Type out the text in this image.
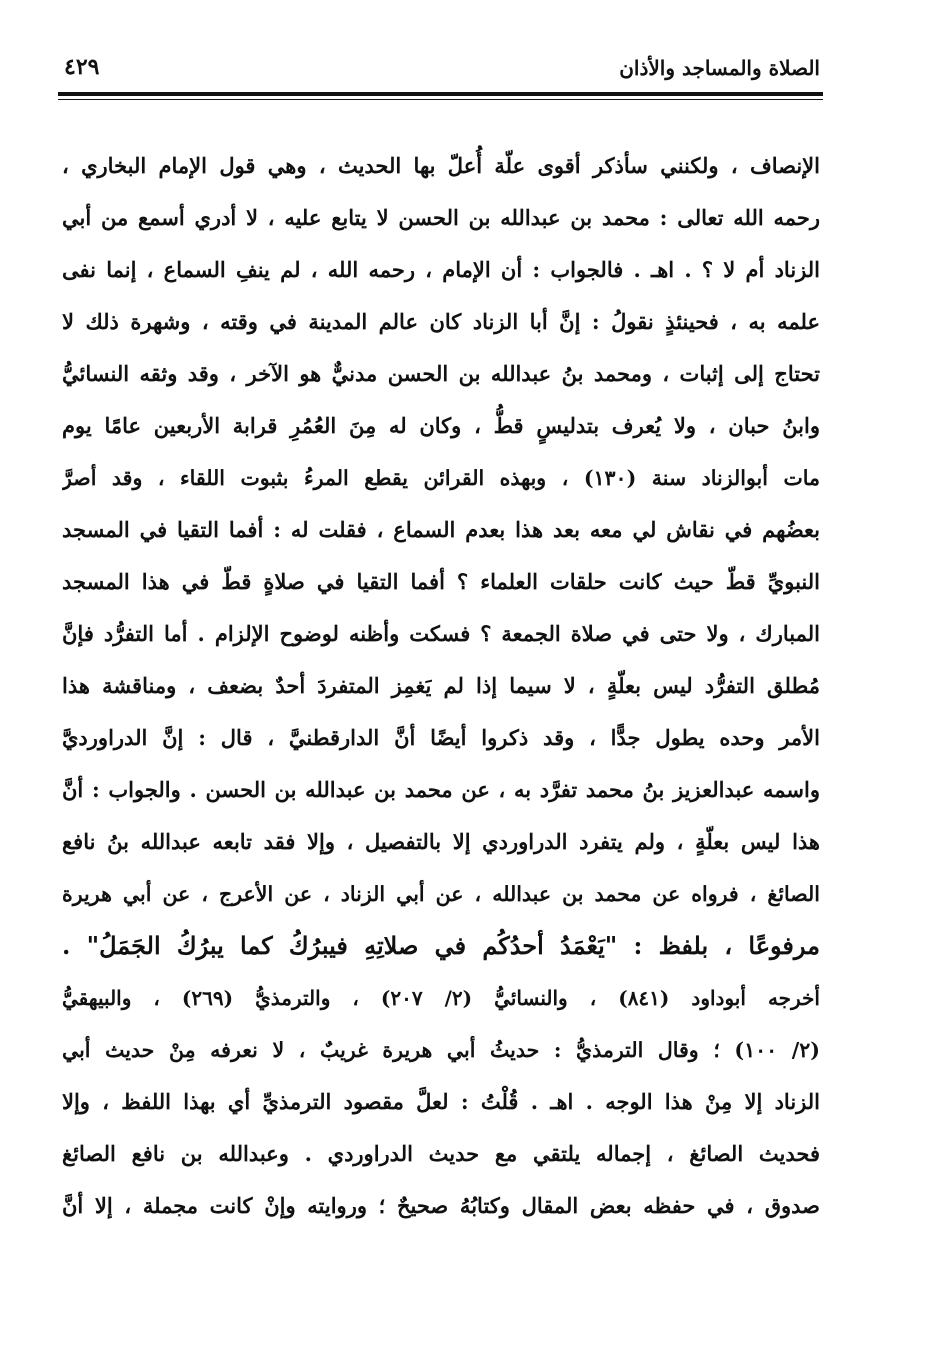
الصلاة والمساجد والأذان
٤٢٩
الإنصاف ، ولكنني سأذكر أقوى علّة أُعلّ بها الحديث ، وهي قول الإمام البخاري ،
رحمه الله تعالى : محمد بن عبدالله بن الحسن لا يتابع عليه ، لا أدري أسمع من أبي
الزناد أم لا ؟ . اهـ . فالجواب : أن الإمام ، رحمه الله ، لم ينفِ السماع ، إنما نفى
علمه به ، فحينئذٍ نقولُ : إنَّ أبا الزناد كان عالم المدينة في وقته ، وشهرة ذلك لا
تحتاج إلى إثبات ، ومحمد بنُ عبدالله بن الحسن مدنيٌّ هو الآخر ، وقد وثقه النسائيُّ
وابنُ حبان ، ولا يُعرف بتدليسٍ قطُّ ، وكان له مِنَ العُمُرِ قرابة الأربعين عامًا يوم
مات أبوالزناد سنة (١٣٠) ، وبهذه القرائن يقطع المرءُ بثبوت اللقاء ، وقد أصرَّ
بعضُهم في نقاش لي معه بعد هذا بعدم السماع ، فقلت له : أفما التقيا في المسجد
النبويِّ قطّ حيث كانت حلقات العلماء ؟ أفما التقيا في صلاةٍ قطّ في هذا المسجد
المبارك ، ولا حتى في صلاة الجمعة ؟ فسكت وأظنه لوضوح الإلزام . أما التفرُّد فإنَّ
مُطلق التفرُّد ليس بعلّةٍ ، لا سيما إذا لم يَغمِز المتفردَ أحدٌ بضعف ، ومناقشة هذا
الأمر وحده يطول جدًّا ، وقد ذكروا أيضًا أنَّ الدارقطنيَّ ، قال : إنَّ الدراورديَّ
واسمه عبدالعزيز بنُ محمد تفرَّد به ، عن محمد بن عبدالله بن الحسن . والجواب : أنَّ
هذا ليس بعلّةٍ ، ولم يتفرد الدراوردي إلا بالتفصيل ، وإلا فقد تابعه عبدالله بنُ نافع
الصائغ ، فرواه عن محمد بن عبدالله ، عن أبي الزناد ، عن الأعرج ، عن أبي هريرة
مرفوعًا ، بلفظ : "يَعْمَدُ أحدُكُم في صلاتِهِ فيبرُكُ كما يبرُكُ الجَمَلُ" .
أخرجه أبوداود (٨٤١) ، والنسائيُّ (٢/ ٢٠٧) ، والترمذيُّ (٢٦٩) ، والبيهقيُّ
(٢/ ١٠٠) ؛ وقال الترمذيُّ : حديثُ أبي هريرة غريبٌ ، لا نعرفه مِنْ حديث أبي
الزناد إلا مِنْ هذا الوجه . اهـ . قُلْتُ : لعلَّ مقصود الترمذيِّ أي بهذا اللفظ ، وإلا
فحديث الصائغ ، إجماله يلتقي مع حديث الدراوردي . وعبدالله بن نافع الصائغ
صدوق ، في حفظه بعض المقال وكتابُهُ صحيحٌ ؛ وروايته وإنْ كانت مجملة ، إلا أنَّ
